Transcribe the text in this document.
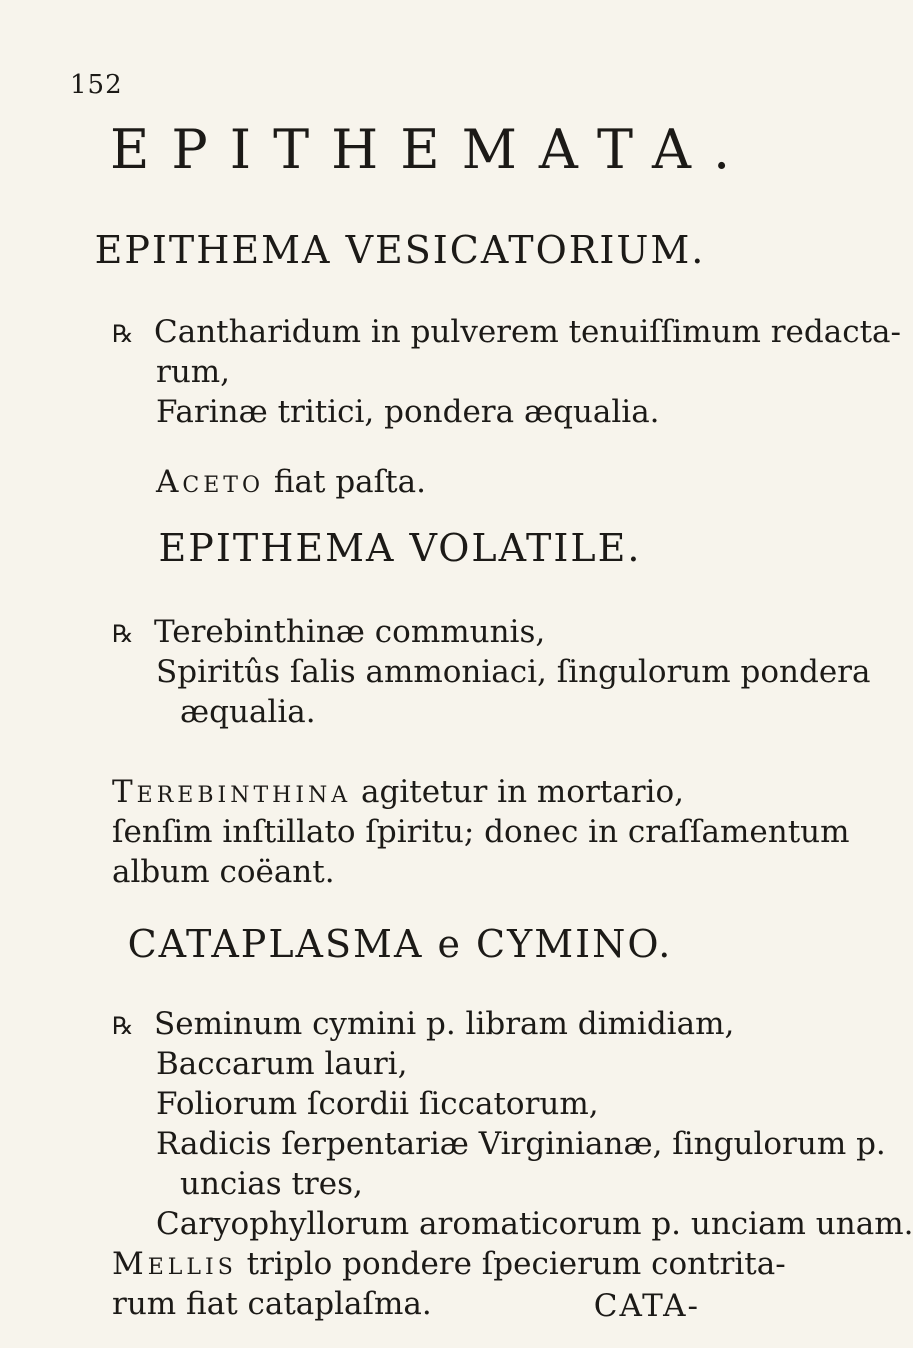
152
EPITHEMATA.
EPITHEMA VESICATORIUM.
℞ Cantharidum in pulverem tenuiſſimum redacta-
rum,
Farinæ tritici, pondera æqualia.
Aceto fiat paſta.
EPITHEMA VOLATILE.
℞ Terebinthinæ communis,
Spiritûs ſalis ammoniaci, ſingulorum pondera
æqualia.
Terebinthina agitetur in mortario,
ſenſim inſtillato ſpiritu; donec in craſſamentum
album coëant.
CATAPLASMA e CYMINO.
℞ Seminum cymini p. libram dimidiam,
Baccarum lauri,
Foliorum ſcordii ſiccatorum,
Radicis ſerpentariæ Virginianæ, ſingulorum p.
uncias tres,
Caryophyllorum aromaticorum p. unciam unam.
Mellis triplo pondere ſpecierum contrita-
rum fiat cataplaſma.	CATA-
